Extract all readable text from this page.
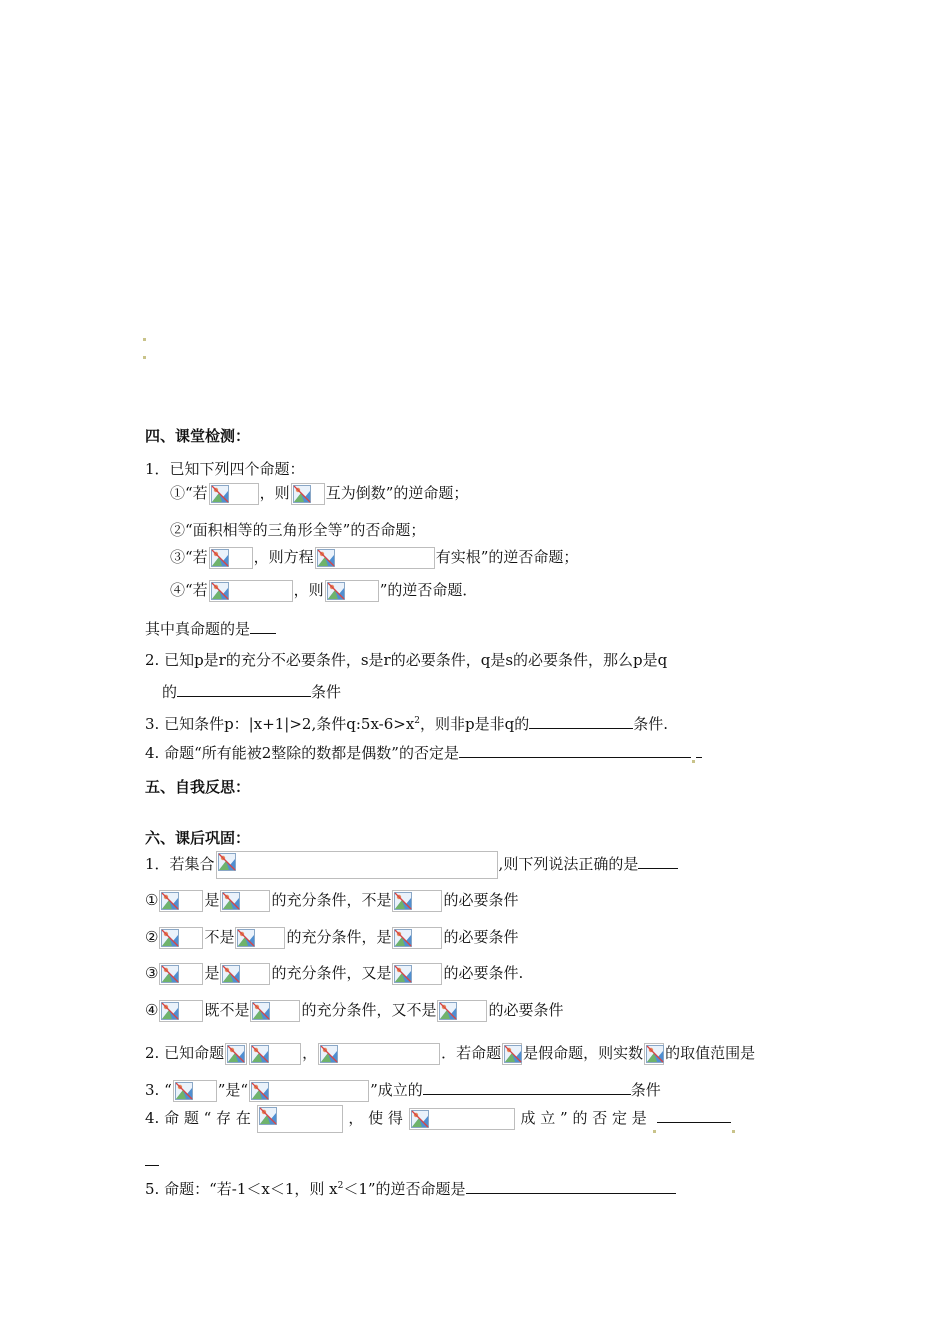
四、课堂检测：
1．已知下列四个命题：
①“若	，则 互为倒数”的逆命题；
②“面积相等的三角形全等”的否命题；
③“若	，则方程	有实根”的逆否命题；
④“若	，则	”的逆否命题．
其中真命题的是
2. 已知p是r的充分不必要条件，s是r的必要条件，q是s的必要条件，那么p是q
的	条件
3. 已知条件p：|x+1|>2,条件$q:5x-6>x^2$，则非p是非q的	条件.
4. 命题“所有能被2整除的数都是偶数”的否定是
五、自我反思：
六、课后巩固：
1．若集合	,则下列说法正确的是
①	是	的充分条件，不是	的必要条件
②	不是	的充分条件，是	的必要条件
③	是	的充分条件，又是	的必要条件.
④	既不是	的充分条件，又不是	的必要条件
2. 已知命题	，	．若命题 是假命题，则实数 的取值范围是
3. “	”是“	”成立的	条件
4. 命 题 “ 存 在	， 使 得	成 立 ” 的 否 定 是
5. 命题：“若-1＜x＜1，则 $x^2<1$”的逆否命题是
